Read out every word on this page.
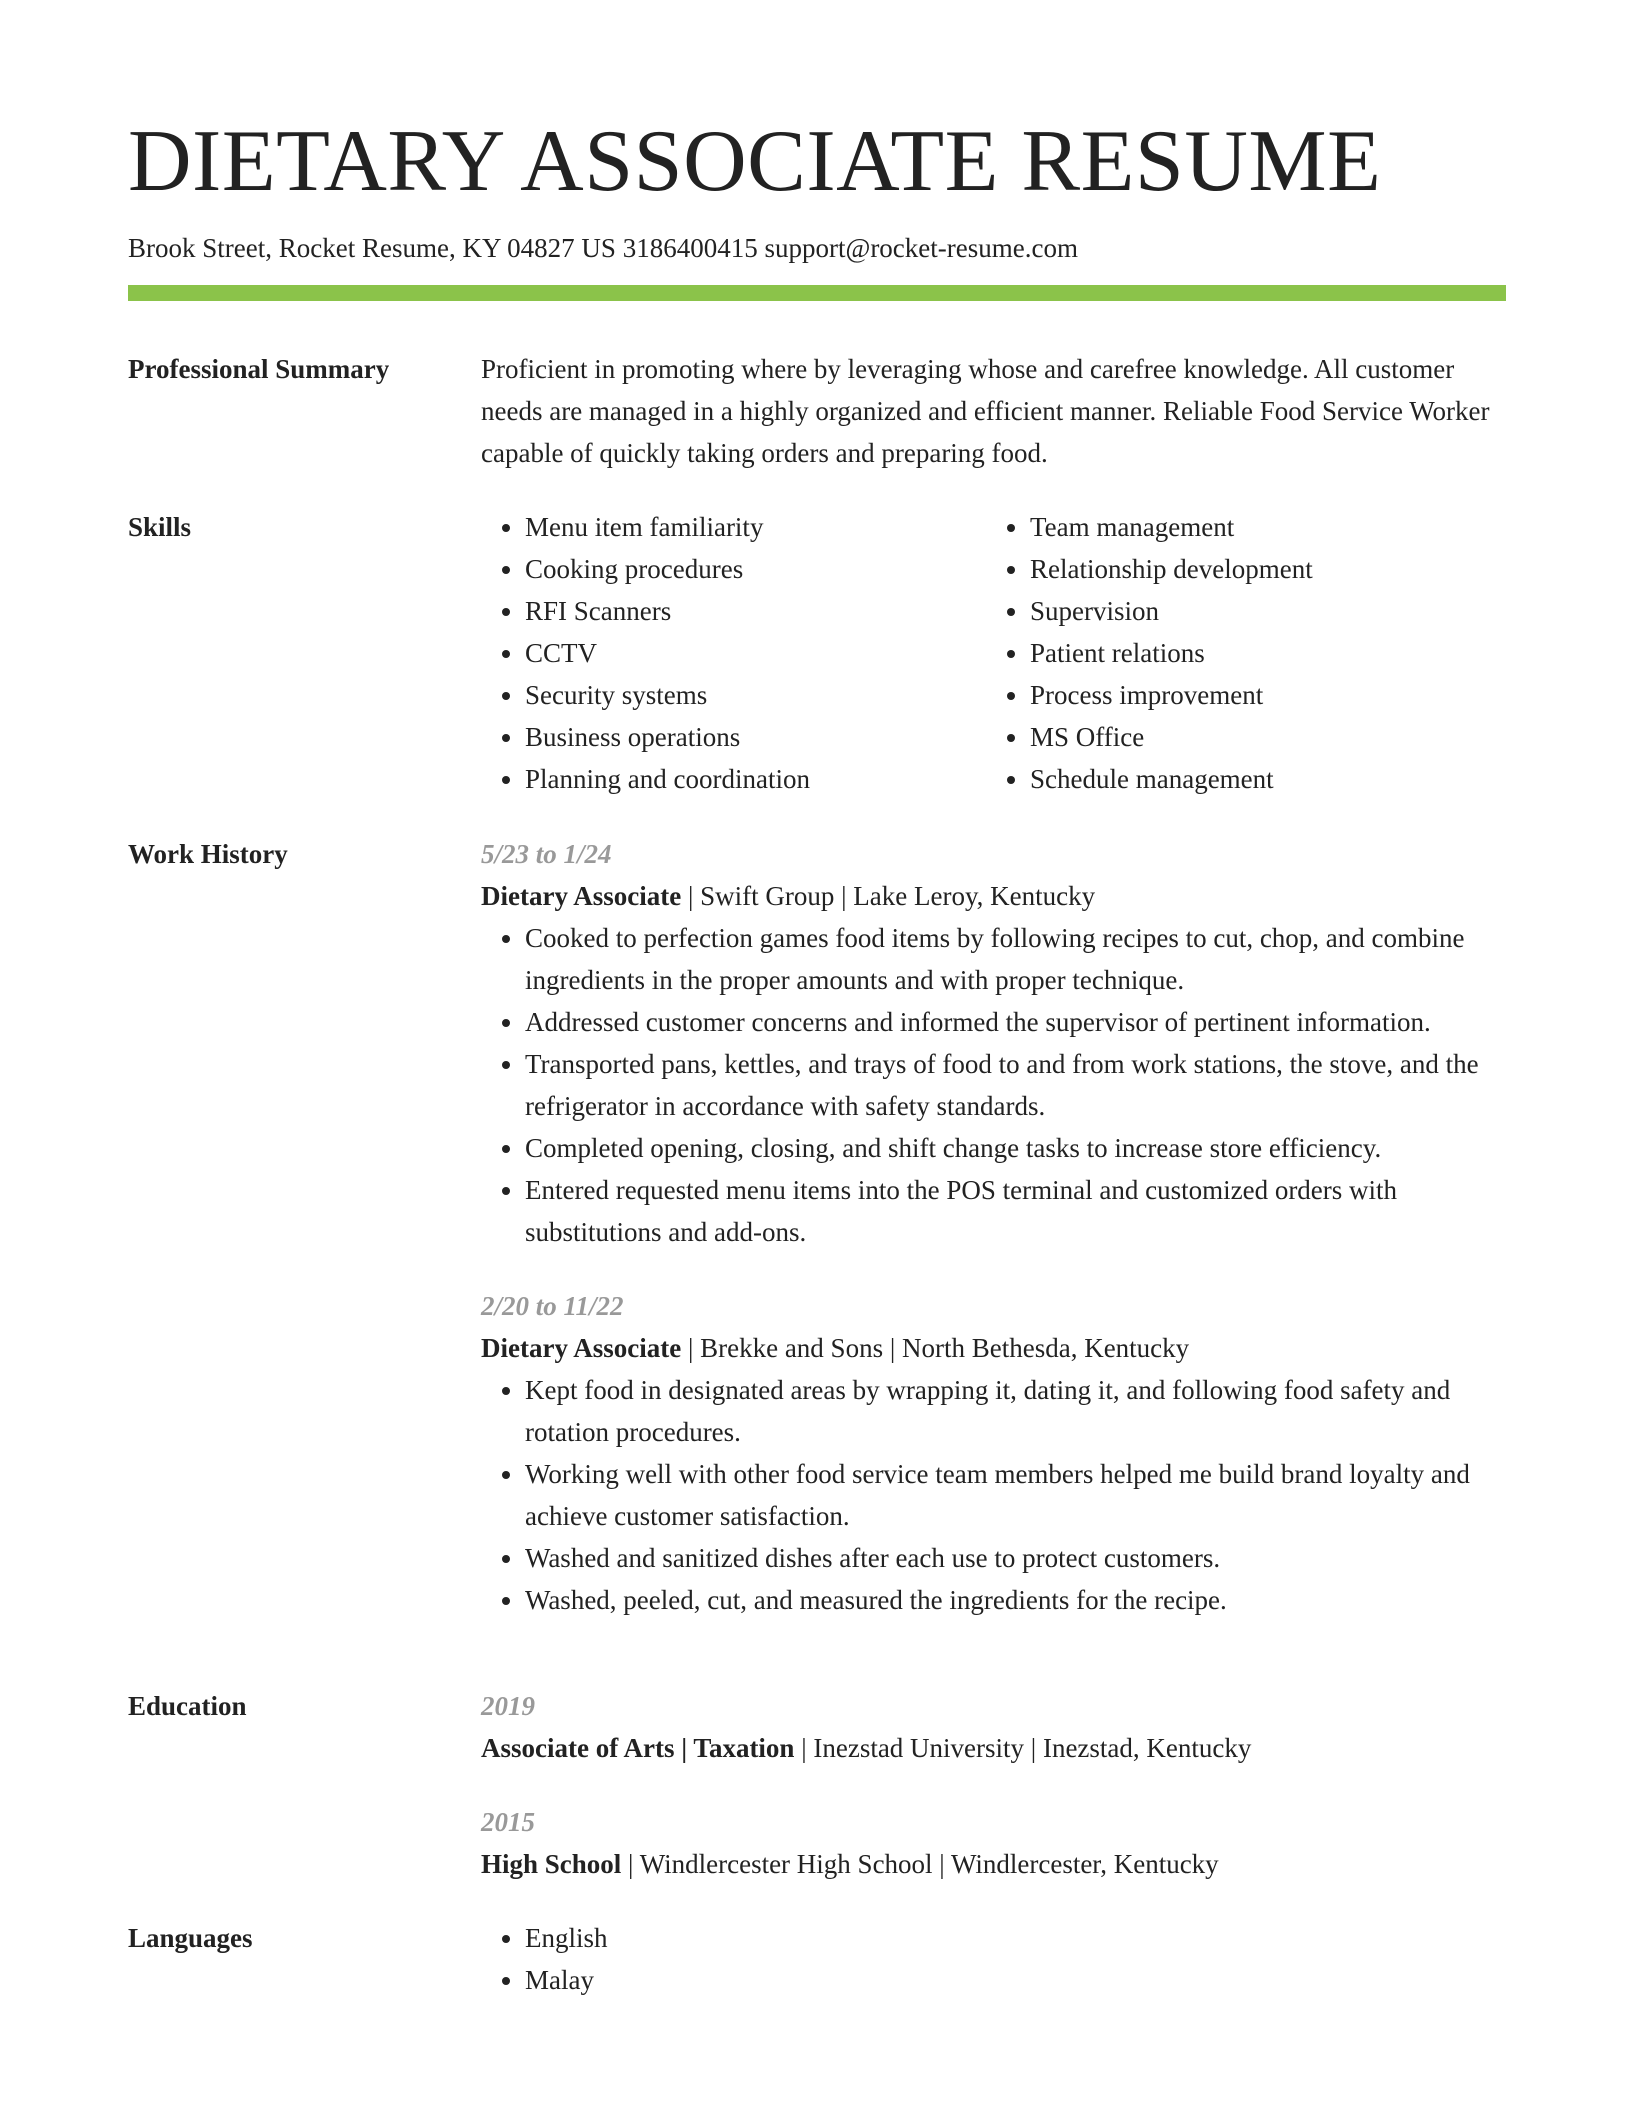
DIETARY ASSOCIATE RESUME
Brook Street, Rocket Resume, KY 04827 US 3186400415 support@rocket-resume.com
Professional Summary	Proficient in promoting where by leveraging whose and carefree knowledge. All customer needs are managed in a highly organized and efficient manner. Reliable Food Service Worker capable of quickly taking orders and preparing food.

Skills	• Menu item familiarity
• Cooking procedures
• RFI Scanners
• CCTV
• Security systems
• Business operations
• Planning and coordination
• Team management
• Relationship development
• Supervision
• Patient relations
• Process improvement
• MS Office
• Schedule management
Work History	5/23 to 1/24
Dietary Associate | Swift Group | Lake Leroy, Kentucky
• Cooked to perfection games food items by following recipes to cut, chop, and combine ingredients in the proper amounts and with proper technique.
• Addressed customer concerns and informed the supervisor of pertinent information.
• Transported pans, kettles, and trays of food to and from work stations, the stove, and the refrigerator in accordance with safety standards.
• Completed opening, closing, and shift change tasks to increase store efficiency.
• Entered requested menu items into the POS terminal and customized orders with substitutions and add-ons.
2/20 to 11/22
Dietary Associate | Brekke and Sons | North Bethesda, Kentucky
• Kept food in designated areas by wrapping it, dating it, and following food safety and rotation procedures.
• Working well with other food service team members helped me build brand loyalty and achieve customer satisfaction.
• Washed and sanitized dishes after each use to protect customers.
• Washed, peeled, cut, and measured the ingredients for the recipe.
Education	2019
Associate of Arts | Taxation | Inezstad University | Inezstad, Kentucky
2015
High School | Windlercester High School | Windlercester, Kentucky
Languages	• English
• Malay
